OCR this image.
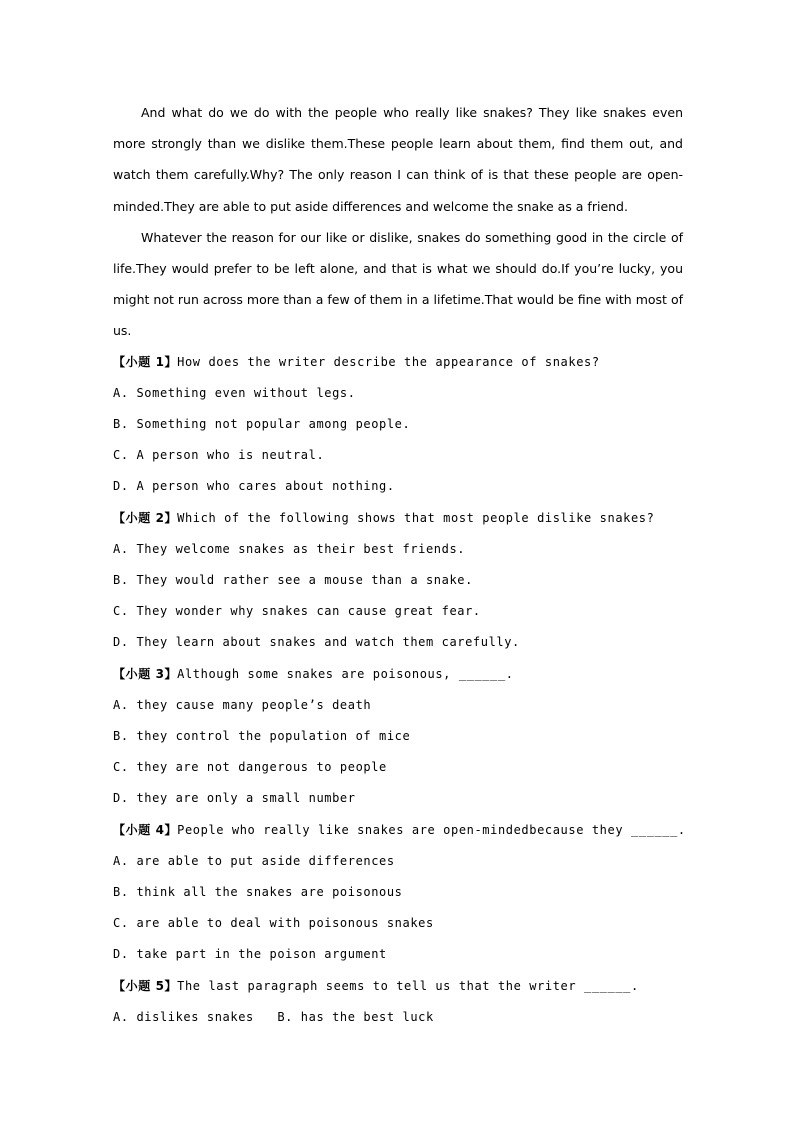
And what do we do with the people who really like snakes? They like snakes even more strongly than we dislike them.These people learn about them, find them out, and watch them carefully.Why? The only reason I can think of is that these people are open-minded.They are able to put aside differences and welcome the snake as a friend.

Whatever the reason for our like or dislike, snakes do something good in the circle of life.They would prefer to be left alone, and that is what we should do.If you’re lucky, you might not run across more than a few of them in a lifetime.That would be fine with most of us.

【小题 1】How does the writer describe the appearance of snakes?

A. Something even without legs.

B. Something not popular among people.

C. A person who is neutral.

D. A person who cares about nothing.

【小题 2】Which of the following shows that most people dislike snakes?

A. They welcome snakes as their best friends.

B. They would rather see a mouse than a snake.

C. They wonder why snakes can cause great fear.

D. They learn about snakes and watch them carefully.

【小题 3】Although some snakes are poisonous, ______.

A. they cause many people’s death

B. they control the population of mice

C. they are not dangerous to people

D. they are only a small number

【小题 4】People who really like snakes are open-mindedbecause they ______.

A. are able to put aside differences

B. think all the snakes are poisonous

C. are able to deal with poisonous snakes

D. take part in the poison argument

【小题 5】The last paragraph seems to tell us that the writer ______.

A. dislikes snakes   B. has the best luck
